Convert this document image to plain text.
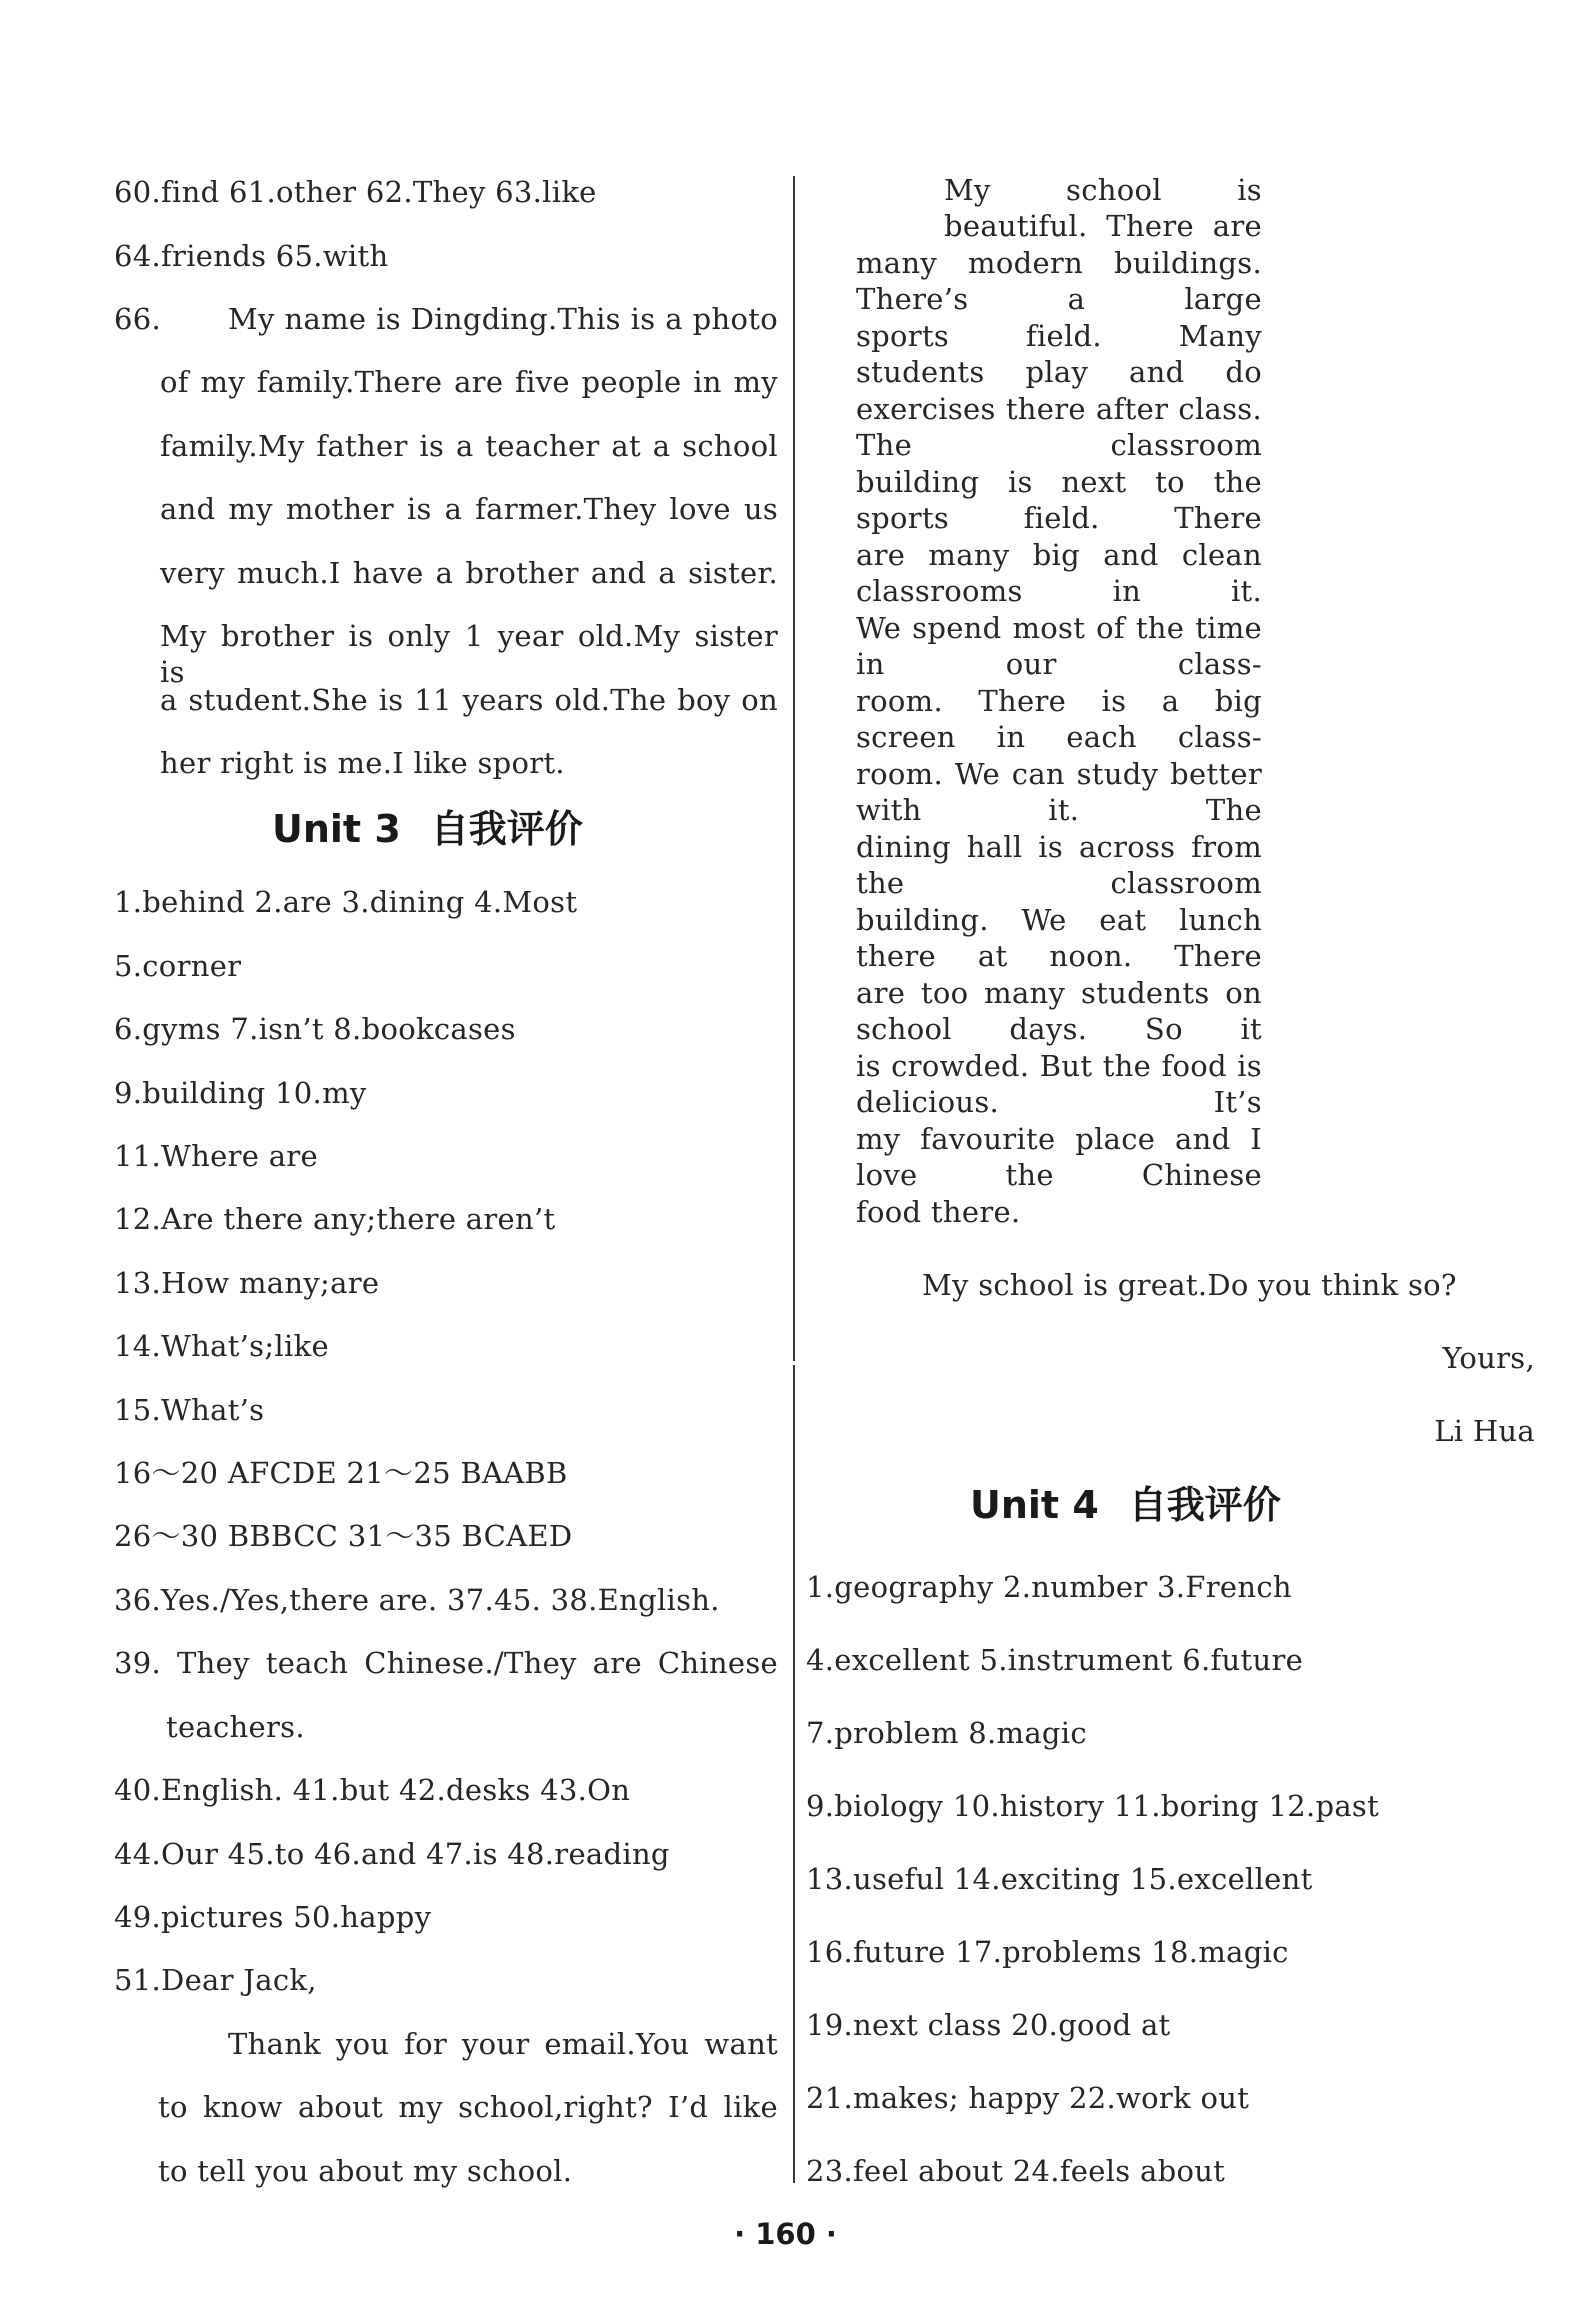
60.find 61.other 62.They 63.like
64.friends 65.with
66. My name is Dingding.This is a photo
of my family.There are five people in my
family.My father is a teacher at a school
and my mother is a farmer.They love us
very much.I have a brother and a sister.
My brother is only 1 year old.My sister is
a student.She is 11 years old.The boy on
her right is me.I like sport.
Unit 3 自我评价
1.behind 2.are 3.dining 4.Most
5.corner
6.gyms 7.isn’t 8.bookcases
9.building 10.my
11.Where are
12.Are there any;there aren’t
13.How many;are
14.What’s;like
15.What’s
16～20 AFCDE 21～25 BAABB
26～30 BBBCC 31～35 BCAED
36.Yes./Yes,there are. 37.45. 38.English.
39. They teach Chinese./They are Chinese
teachers.
40.English. 41.but 42.desks 43.On
44.Our 45.to 46.and 47.is 48.reading
49.pictures 50.happy
51.Dear Jack,
Thank you for your email.You want
to know about my school,right? I’d like
to tell you about my school.
My school is beautiful. There are
many modern buildings. There’s a large
sports field. Many students play and do
exercises there after class. The classroom
building is next to the sports field. There
are many big and clean classrooms in it.
We spend most of the time in our class-
room. There is a big screen in each class-
room. We can study better with it. The
dining hall is across from the classroom
building. We eat lunch there at noon. There
are too many students on school days. So it
is crowded. But the food is delicious. It’s
my favourite place and I love the Chinese
food there.
My school is great.Do you think so?
Yours,
Li Hua
Unit 4 自我评价
1.geography 2.number 3.French
4.excellent 5.instrument 6.future
7.problem 8.magic
9.biology 10.history 11.boring 12.past
13.useful 14.exciting 15.excellent
16.future 17.problems 18.magic
19.next class 20.good at
21.makes; happy 22.work out
23.feel about 24.feels about
· 160 ·
